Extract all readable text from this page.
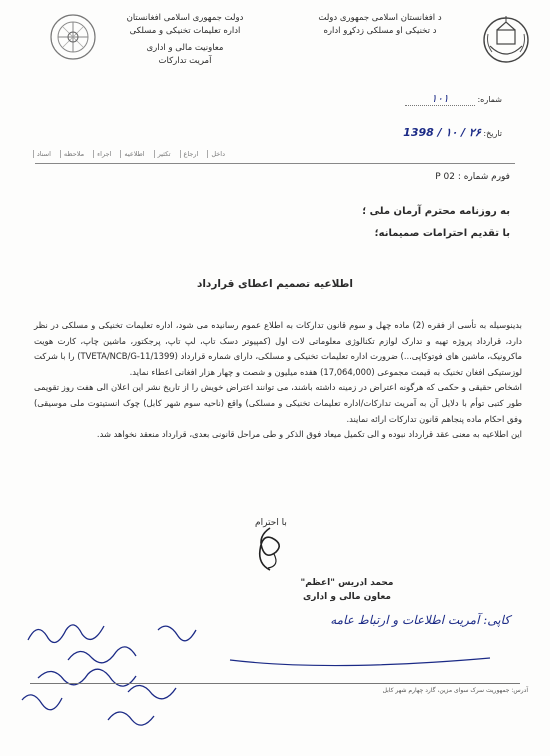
د افغانستان اسلامی جمهوری دولت
د تخنیکی او مسلکی زدکړو اداره
دولت جمهوری اسلامی افغانستان
اداره تعلیمات تخنیکی و مسلکی
معاونیت مالی و اداری
آمریت تدارکات
شماره: ۱۰۱
تاریخ: ۲۶ / ۱۰ / 1398
داخل
ارجاع
تکثیر
اطلاعیه
اجراء
ملاحظه
اسناد
فورم شماره : P 02
به روزنامه محترم آرمان ملی ؛
با تقدیم احترامات صمیمانه؛
اطلاعیه تصمیم اعطای قرارداد

بدینوسیله به تأسی از فقره (2) ماده چهل و سوم قانون تدارکات به اطلاع عموم رسانیده می شود، اداره تعلیمات تخنیکی و مسلکی در نظر دارد، قرارداد پروژه تهیه و تدارک لوازم تکنالوژی معلوماتی لات اول (کمپیوتر دسک تاپ، لپ تاپ، پرجکتور، ماشین چاپ، کارت هویت ماکرونیک، ماشین های فوتوکاپی...) ضرورت اداره تعلیمات تخنیکی و مسلکی، دارای شماره قرارداد (TVETA/NCB/G-11/1399) را با شرکت لوزستیکی افغان تخنیک به قیمت مجموعی (17,064,000) هفده میلیون و شصت و چهار هزار افغانی اعطاء نماید.

اشخاص حقیقی و حکمی که هرگونه اعتراض در زمینه داشته باشند، می توانند اعتراض خویش را از تاریخ نشر این اعلان الی هفت روز تقویمی طور کتبی توأم با دلایل آن به آمریت تدارکات/اداره تعلیمات تخنیکی و مسلکی) واقع (ناحیه سوم شهر کابل) چوک انستیتوت ملی موسیقی) وفق احکام ماده پنجاهم قانون تدارکات ارائه نمایند.

این اطلاعیه به معنی عقد قرارداد نبوده و الی تکمیل میعاد فوق الذکر و طی مراحل قانونی بعدی، قرارداد منعقد نخواهد شد.

با احترام
محمد ادریس "اعظم"
معاون مالی و اداری
کاپی: آمریت اطلاعات و ارتباط عامه
آدرس: جمهوریت سرک سوای مزین، گارد چهارم شهر کابل
